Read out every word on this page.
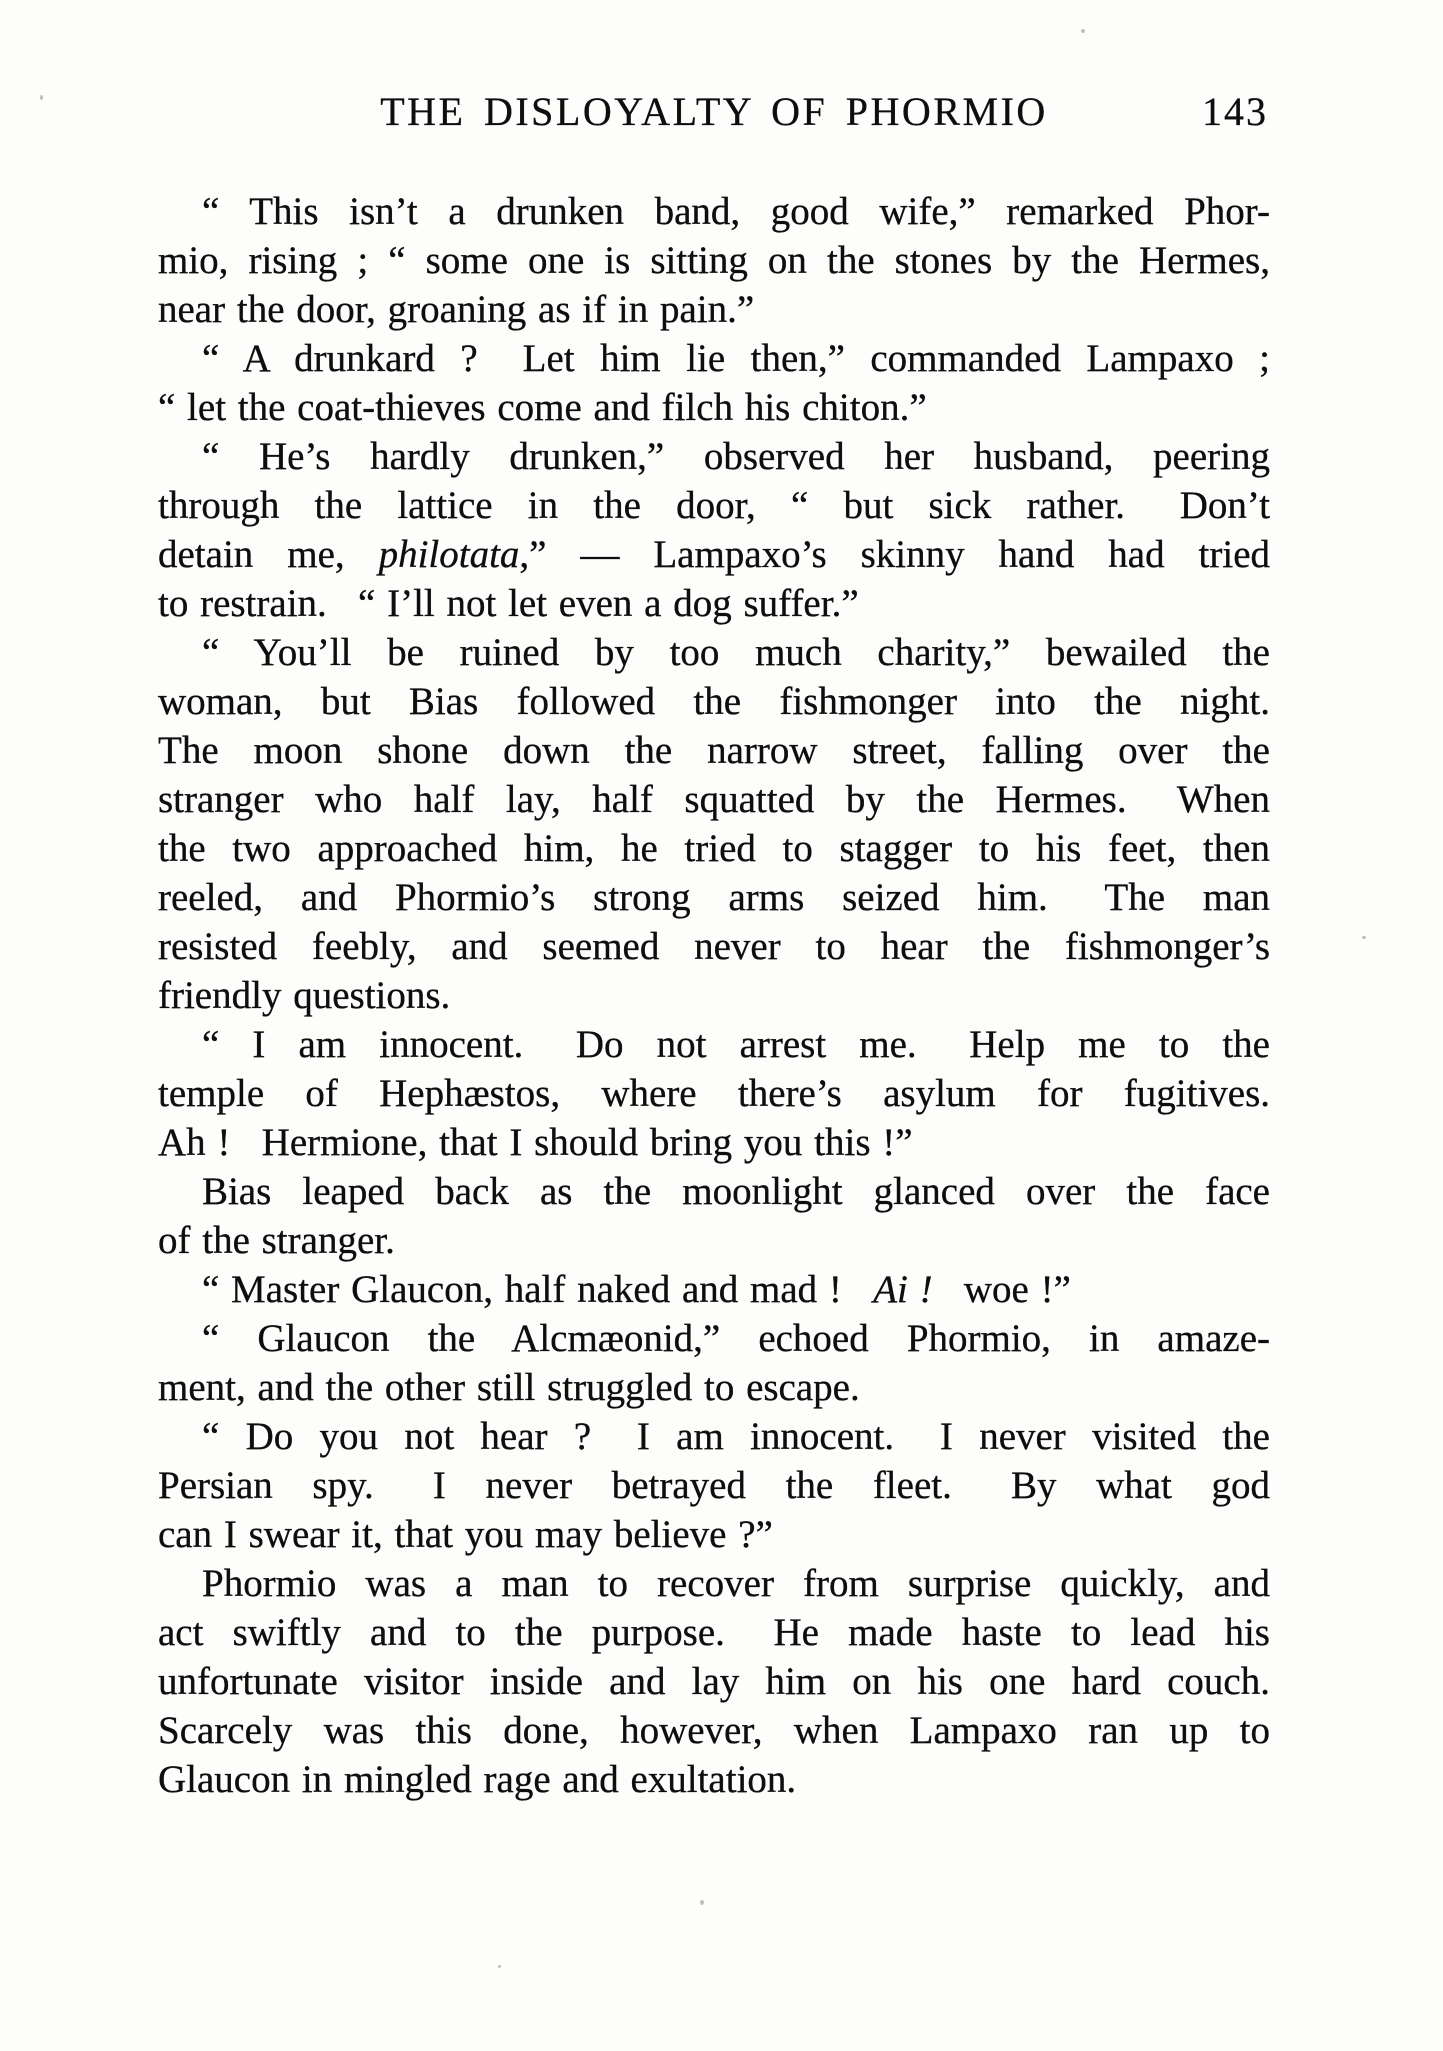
THE DISLOYALTY OF PHORMIO	143
“ This isn’t a drunken band, good wife,” remarked Phor-
mio, rising ; “ some one is sitting on the stones by the Hermes,
near the door, groaning as if in pain.”
“ A drunkard ?  Let him lie then,” commanded Lampaxo ;
“ let the coat-thieves come and filch his chiton.”
“ He’s hardly drunken,” observed her husband, peering
through the lattice in the door, “ but sick rather.  Don’t
detain me, philotata,” — Lampaxo’s skinny hand had tried
to restrain.  “ I’ll not let even a dog suffer.”
“ You’ll be ruined by too much charity,” bewailed the
woman, but Bias followed the fishmonger into the night.
The moon shone down the narrow street, falling over the
stranger who half lay, half squatted by the Hermes.  When
the two approached him, he tried to stagger to his feet, then
reeled, and Phormio’s strong arms seized him.  The man
resisted feebly, and seemed never to hear the fishmonger’s
friendly questions.
“ I am innocent.  Do not arrest me.  Help me to the
temple of Hephæstos, where there’s asylum for fugitives.
Ah !  Hermione, that I should bring you this !”
Bias leaped back as the moonlight glanced over the face
of the stranger.
“ Master Glaucon, half naked and mad !  Ai !  woe !”
“ Glaucon the Alcmæonid,” echoed Phormio, in amaze-
ment, and the other still struggled to escape.
“ Do you not hear ?  I am innocent.  I never visited the
Persian spy.  I never betrayed the fleet.  By what god
can I swear it, that you may believe ?”
Phormio was a man to recover from surprise quickly, and
act swiftly and to the purpose.  He made haste to lead his
unfortunate visitor inside and lay him on his one hard couch.
Scarcely was this done, however, when Lampaxo ran up to
Glaucon in mingled rage and exultation.
